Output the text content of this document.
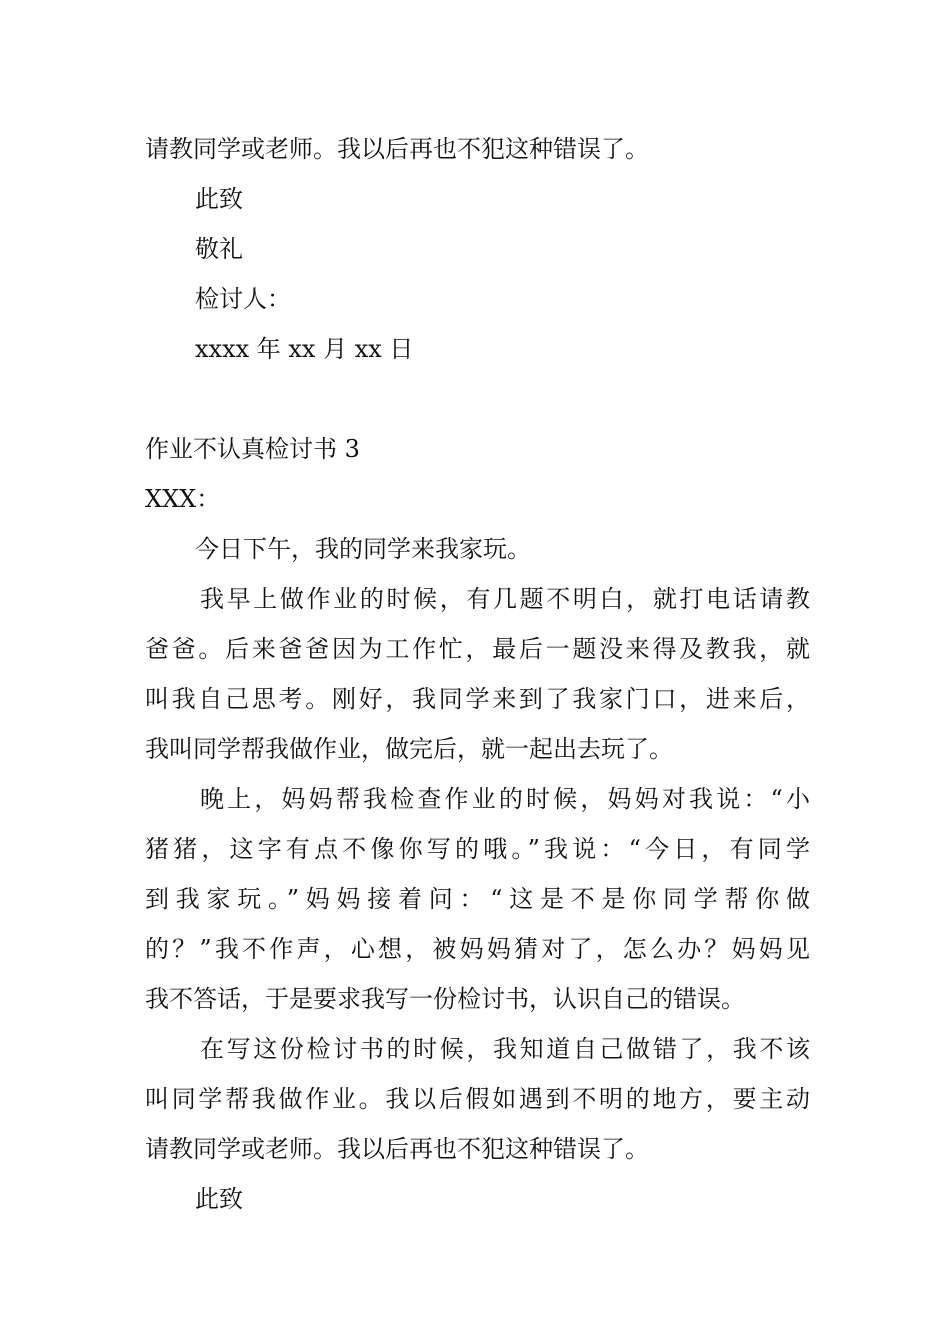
请教同学或老师。我以后再也不犯这种错误了。
此致
敬礼
检讨人：
xxxx 年 xx 月 xx 日
作业不认真检讨书 3
XXX：
今日下午，我的同学来我家玩。
我早上做作业的时候，有几题不明白，就打电话请教
爸爸。后来爸爸因为工作忙，最后一题没来得及教我，就
叫我自己思考。刚好，我同学来到了我家门口，进来后，
我叫同学帮我做作业，做完后，就一起出去玩了。
晚上，妈妈帮我检查作业的时候，妈妈对我说：“小
猪猪，这字有点不像你写的哦。”我说：“今日，有同学
到我家玩。”妈妈接着问：“这是不是你同学帮你做
的？”我不作声，心想，被妈妈猜对了，怎么办？妈妈见
我不答话，于是要求我写一份检讨书，认识自己的错误。
在写这份检讨书的时候，我知道自己做错了，我不该
叫同学帮我做作业。我以后假如遇到不明的地方，要主动
请教同学或老师。我以后再也不犯这种错误了。
此致
